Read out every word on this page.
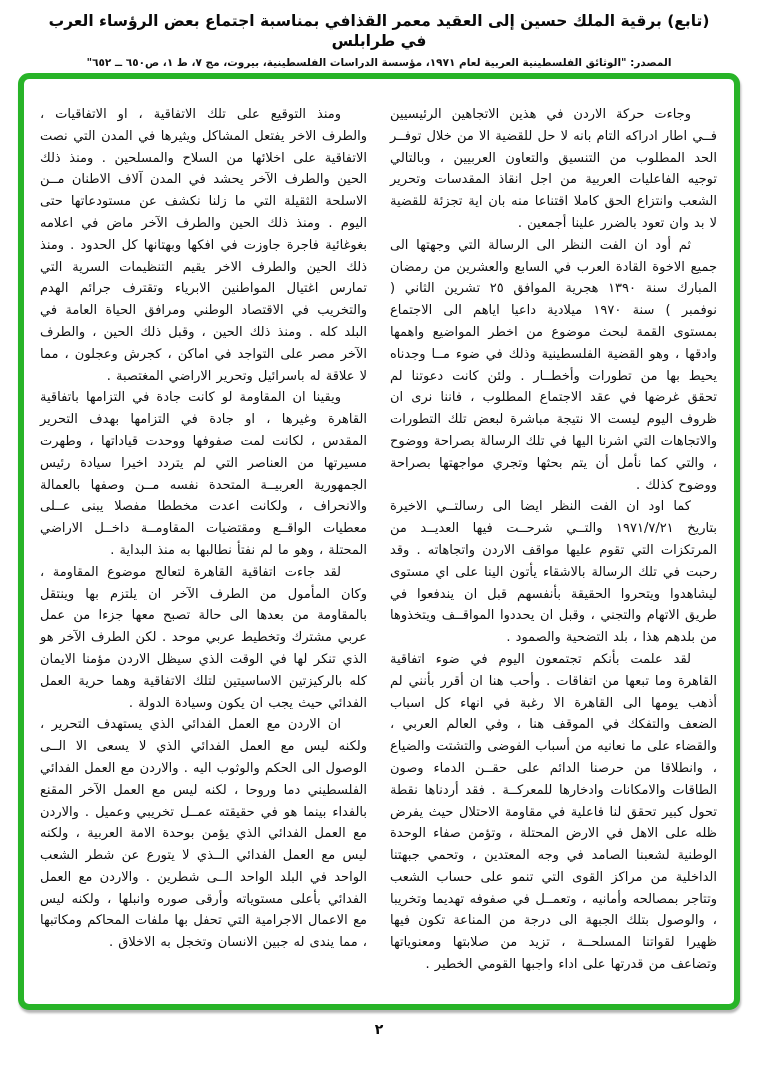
(تابع) برقية الملك حسين إلى العقيد معمر القذافي بمناسبة اجتماع بعض الرؤساء العرب في طرابلس
المصدر: "الوثائق الفلسطينية العربية لعام ١٩٧١، مؤسسة الدراسات الفلسطينية، بيروت، مج ٧، ط ١، ص٦٥٠ ــ ٦٥٢"

وجاءت حركة الاردن في هذين الاتجاهين الرئيسيين فــي اطار ادراكه التام بانه لا حل للقضية الا من خلال توفــر الحد المطلوب من التنسيق والتعاون العربيين ، وبالتالي توجيه الفاعليات العربية من اجل انقاذ المقدسات وتحرير الشعب وانتزاع الحق كاملا اقتناعا منه بان اية تجزئة للقضية لا بد وان تعود بالضرر علينا أجمعين .

ثم أود ان الفت النظر الى الرسالة التي وجهتها الى جميع الاخوة القادة العرب في السابع والعشرين من رمضان المبارك سنة ١٣٩٠ هجرية الموافق ٢٥ تشرين الثاني ( نوفمبر ) سنة ١٩٧٠ ميلادية داعيا اياهم الى الاجتماع بمستوى القمة لبحث موضوع من اخطر المواضيع واهمها وادقها ، وهو القضية الفلسطينية وذلك في ضوء مــا وجدناه يحيط بها من تطورات وأخطــار . ولئن كانت دعوتنا لم تحقق غرضها في عقد الاجتماع المطلوب ، فاننا نرى ان ظروف اليوم ليست الا نتيجة مباشرة لبعض تلك التطورات والاتجاهات التي اشرنا اليها في تلك الرسالة بصراحة ووضوح ، والتي كما نأمل أن يتم بحثها وتجري مواجهتها بصراحة ووضوح كذلك .

كما اود ان الفت النظر ايضا الى رسالتــي الاخيرة بتاريخ ١٩٧١/٧/٢١ والتــي شرحــت فيها العديــد من المرتكزات التي تقوم عليها مواقف الاردن واتجاهاته . وقد رحبت في تلك الرسالة بالاشقاء يأتون الينا على اي مستوى ليشاهدوا ويتحروا الحقيقة بأنفسهم قبل ان يندفعوا في طريق الاتهام والتجني ، وقبل ان يحددوا المواقــف ويتخذوها من بلدهم هذا ، بلد التضحية والصمود .

لقد علمت بأنكم تجتمعون اليوم في ضوء اتفاقية القاهرة وما تبعها من اتفاقات . وأحب هنا ان أقرر بأنني لم أذهب يومها الى القاهرة الا رغبة في انهاء كل اسباب الضعف والتفكك في الموقف هنا ، وفي العالم العربي ، والقضاء على ما نعانيه من أسباب الفوضى والتشتت والضياع ، وانطلاقا من حرصنا الدائم على حقــن الدماء وصون الطاقات والامكانات وادخارها للمعركــة . فقد أردناها نقطة تحول كبير تحقق لنا فاعلية في مقاومة الاحتلال حيث يفرض ظله على الاهل في الارض المحتلة ، وتؤمن صفاء الوحدة الوطنية لشعبنا الصامد في وجه المعتدين ، وتحمي جبهتنا الداخلية من مراكز القوى التي تنمو على حساب الشعب وتتاجر بمصالحه وأمانيه ، وتعمــل في صفوفه تهديما وتخريبا ، والوصول بتلك الجبهة الى درجة من المناعة تكون فيها ظهيرا لقواتنا المسلحــة ، تزيد من صلابتها ومعنوياتها وتضاعف من قدرتها على اداء واجبها القومي الخطير .

ومنذ التوقيع على تلك الاتفاقية ، او الاتفاقيات ، والطرف الاخر يفتعل المشاكل ويثيرها في المدن التي نصت الاتفاقية على اخلائها من السلاح والمسلحين . ومنذ ذلك الحين والطرف الآخر يحشد في المدن آلاف الاطنان مــن الاسلحة الثقيلة التي ما زلنا نكشف عن مستودعاتها حتى اليوم . ومنذ ذلك الحين والطرف الآخر ماض في اعلامه بغوغائية فاجرة جاوزت في افكها وبهتانها كل الحدود . ومنذ ذلك الحين والطرف الاخر يقيم التنظيمات السرية التي تمارس اغتيال المواطنين الابرياء وتقترف جرائم الهدم والتخريب في الاقتصاد الوطني ومرافق الحياة العامة في البلد كله . ومنذ ذلك الحين ، وقبل ذلك الحين ، والطرف الآخر مصر على التواجد في اماكن ، كجرش وعجلون ، مما لا علاقة له باسرائيل وتحرير الاراضي المغتصبة .

ويقينا ان المقاومة لو كانت جادة في التزامها باتفاقية القاهرة وغيرها ، او جادة في التزامها بهدف التحرير المقدس ، لكانت لمت صفوفها ووحدت قياداتها ، وطهرت مسيرتها من العناصر التي لم يتردد اخيرا سيادة رئيس الجمهورية العربيــة المتحدة نفسه مــن وصفها بالعمالة والانحراف ، ولكانت اعدت مخططا مفصلا يبنى عــلى معطيات الواقــع ومقتضيات المقاومــة داخــل الاراضي المحتلة ، وهو ما لم نفتأ نطالبها به منذ البداية .

لقد جاءت اتفاقية القاهرة لتعالج موضوع المقاومة ، وكان المأمول من الطرف الآخر ان يلتزم بها وينتقل بالمقاومة من بعدها الى حالة تصبح معها جزءا من عمل عربي مشترك وتخطيط عربي موحد . لكن الطرف الآخر هو الذي تنكر لها في الوقت الذي سيظل الاردن مؤمنا الايمان كله بالركيزتين الاساسيتين لتلك الاتفاقية وهما حرية العمل الفدائي حيث يجب ان يكون وسيادة الدولة .

ان الاردن مع العمل الفدائي الذي يستهدف التحرير ، ولكنه ليس مع العمل الفدائي الذي لا يسعى الا الــى الوصول الى الحكم والوثوب اليه . والاردن مع العمل الفدائي الفلسطيني دما وروحا ، لكنه ليس مع العمل الآخر المقنع بالفداء بينما هو في حقيقته عمــل تخريبي وعميل . والاردن مع العمل الفدائي الذي يؤمن بوحدة الامة العربية ، ولكنه ليس مع العمل الفدائي الــذي لا يتورع عن شطر الشعب الواحد في البلد الواحد الــى شطرين . والاردن مع العمل الفدائي بأعلى مستوياته وأرقى صوره وانبلها ، ولكنه ليس مع الاعمال الاجرامية التي تحفل بها ملفات المحاكم ومكاتبها ، مما يندى له جبين الانسان وتخجل به الاخلاق .

٢
